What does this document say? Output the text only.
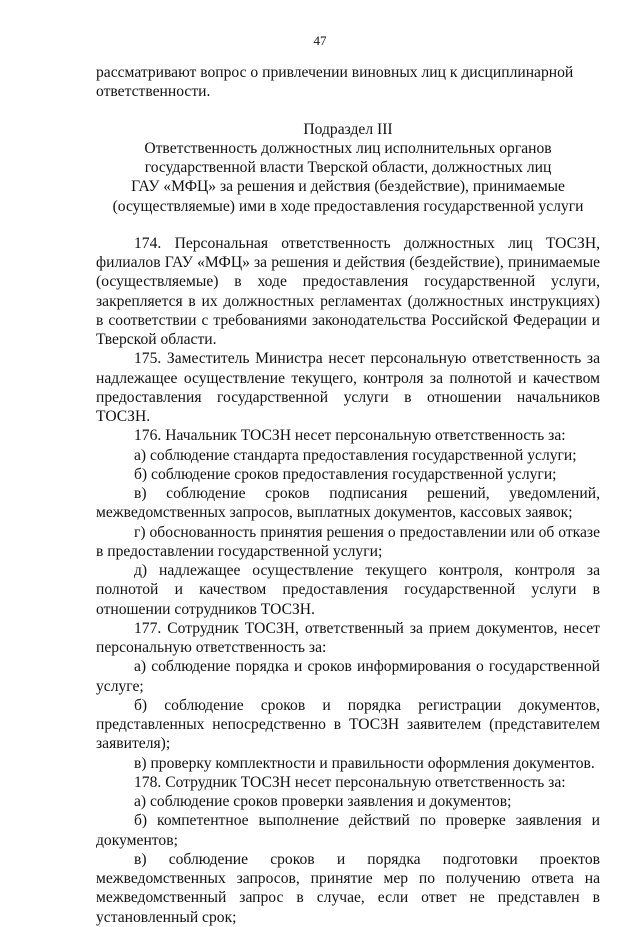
47

рассматривают вопрос о привлечении виновных лиц к дисциплинарной ответственности.

Подраздел III
Ответственность должностных лиц исполнительных органов
государственной власти Тверской области, должностных лиц
ГАУ «МФЦ» за решения и действия (бездействие), принимаемые
(осуществляемые) ими в ходе предоставления государственной услуги

174. Персональная ответственность должностных лиц ТОСЗН, филиалов ГАУ «МФЦ» за решения и действия (бездействие), принимаемые (осуществляемые) в ходе предоставления государственной услуги, закрепляется в их должностных регламентах (должностных инструкциях) в соответствии с требованиями законодательства Российской Федерации и Тверской области.

175. Заместитель Министра несет персональную ответственность за надлежащее осуществление текущего, контроля за полнотой и качеством предоставления государственной услуги в отношении начальников ТОСЗН.

176. Начальник ТОСЗН несет персональную ответственность за:

а) соблюдение стандарта предоставления государственной услуги;

б) соблюдение сроков предоставления государственной услуги;

в) соблюдение сроков подписания решений, уведомлений, межведомственных запросов, выплатных документов, кассовых заявок;

г) обоснованность принятия решения о предоставлении или об отказе в предоставлении государственной услуги;

д) надлежащее осуществление текущего контроля, контроля за полнотой и качеством предоставления государственной услуги в отношении сотрудников ТОСЗН.

177. Сотрудник ТОСЗН, ответственный за прием документов, несет персональную ответственность за:

а) соблюдение порядка и сроков информирования о государственной услуге;

б) соблюдение сроков и порядка регистрации документов, представленных непосредственно в ТОСЗН заявителем (представителем заявителя);

в) проверку комплектности и правильности оформления документов.

178. Сотрудник ТОСЗН несет персональную ответственность за:

а) соблюдение сроков проверки заявления и документов;

б) компетентное выполнение действий по проверке заявления и документов;

в) соблюдение сроков и порядка подготовки проектов межведомственных запросов, принятие мер по получению ответа на межведомственный запрос в случае, если ответ не представлен в установленный срок;
